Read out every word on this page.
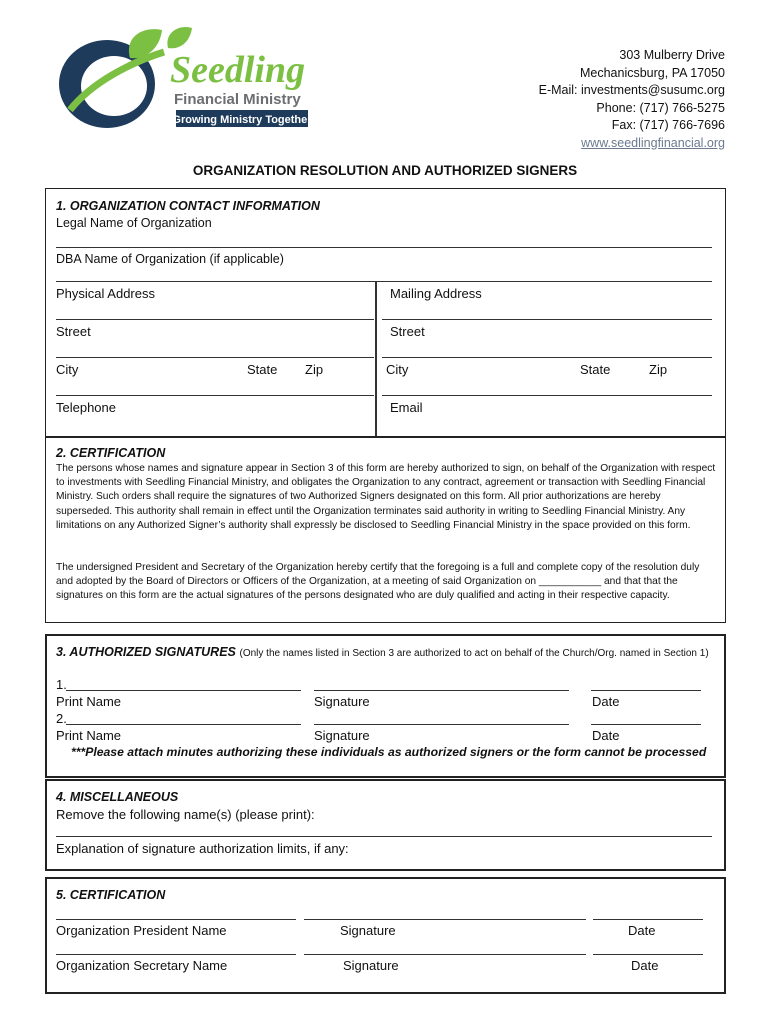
Seedling
Financial Ministry
Growing Ministry Together
303 Mulberry Drive
Mechanicsburg, PA 17050
E-Mail: investments@susumc.org
Phone: (717) 766-5275
Fax: (717) 766-7696
www.seedlingfinancial.org
ORGANIZATION RESOLUTION AND AUTHORIZED SIGNERS
1. ORGANIZATION CONTACT INFORMATION
Legal Name of Organization
DBA Name of Organization (if applicable)
Physical Address	Mailing Address
Street	Street
City	State Zip	City	State	Zip
Telephone	Email
2. CERTIFICATION
The persons whose names and signature appear in Section 3 of this form are hereby authorized to sign, on behalf of the Organization with respect to investments with Seedling Financial Ministry, and obligates the Organization to any contract, agreement or transaction with Seedling Financial Ministry. Such orders shall require the signatures of two Authorized Signers designated on this form. All prior authorizations are hereby superseded. This authority shall remain in effect until the Organization terminates said authority in writing to Seedling Financial Ministry. Any limitations on any Authorized Signer’s authority shall expressly be disclosed to Seedling Financial Ministry in the space provided on this form.
The undersigned President and Secretary of the Organization hereby certify that the foregoing is a full and complete copy of the resolution duly and adopted by the Board of Directors or Officers of the Organization, at a meeting of said Organization on ___________ and that that the signatures on this form are the actual signatures of the persons designated who are duly qualified and acting in their respective capacity.
3. AUTHORIZED SIGNATURES (Only the names listed in Section 3 are authorized to act on behalf of the Church/Org. named in Section 1)
1.
Print Name	Signature	Date
2.
Print Name	Signature	Date
***Please attach minutes authorizing these individuals as authorized signers or the form cannot be processed
4. MISCELLANEOUS
Remove the following name(s) (please print):
Explanation of signature authorization limits, if any:
5. CERTIFICATION
Organization President Name	Signature	Date
Organization Secretary Name	Signature	Date
